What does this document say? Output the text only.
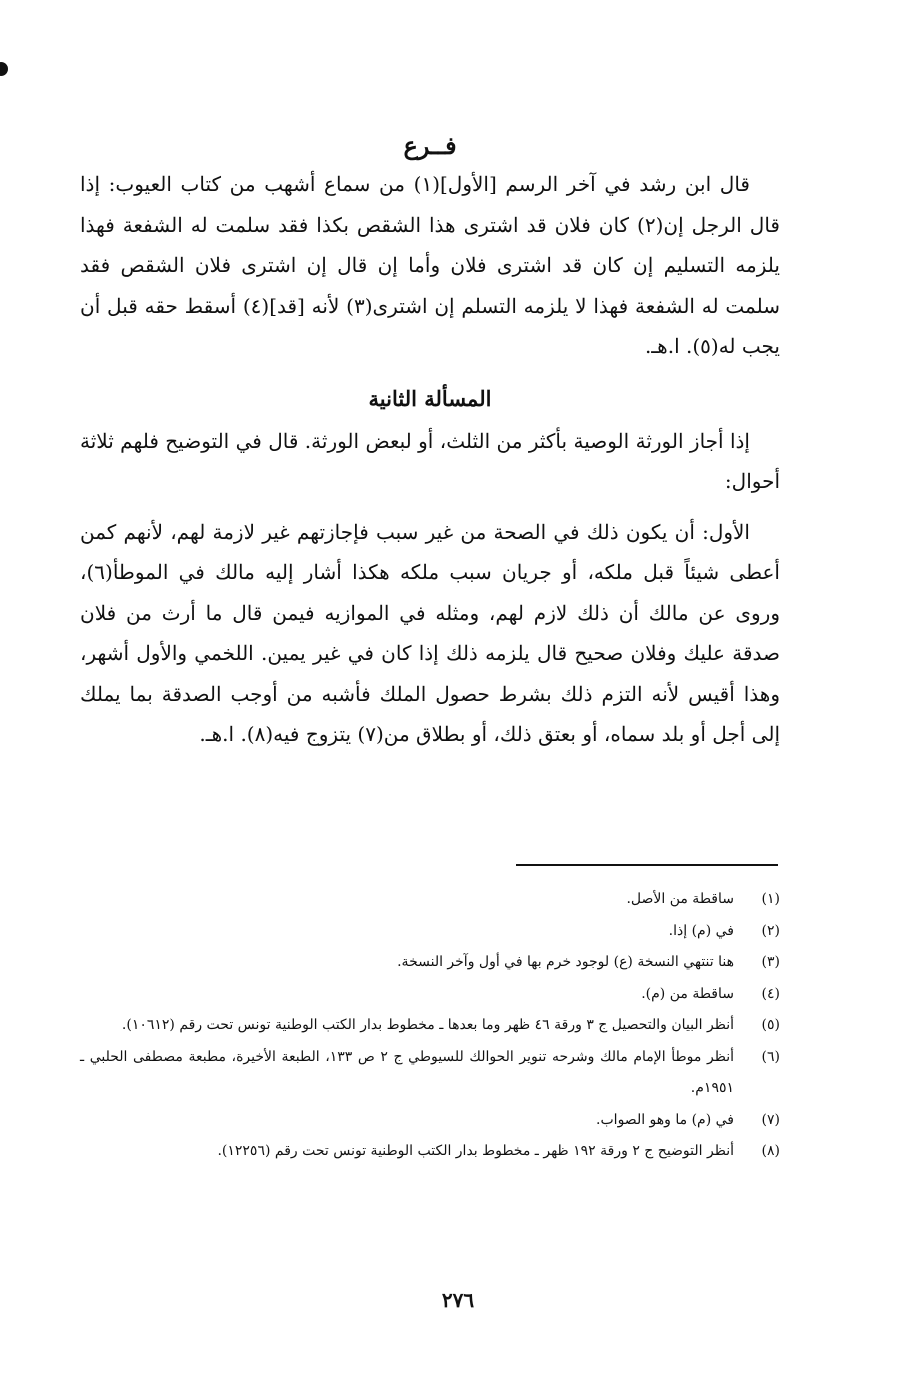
فــرع

قال ابن رشد في آخر الرسم [الأول](١) من سماع أشهب من كتاب العيوب: إذا قال الرجل إن(٢) كان فلان قد اشترى هذا الشقص بكذا فقد سلمت له الشفعة فهذا يلزمه التسليم إن كان قد اشترى فلان وأما إن قال إن اشترى فلان الشقص فقد سلمت له الشفعة فهذا لا يلزمه التسلم إن اشترى(٣) لأنه [قد](٤) أسقط حقه قبل أن يجب له(٥). ا.هـ.

المسألة الثانية

إذا أجاز الورثة الوصية بأكثر من الثلث، أو لبعض الورثة. قال في التوضيح فلهم ثلاثة أحوال:

الأول: أن يكون ذلك في الصحة من غير سبب فإجازتهم غير لازمة لهم، لأنهم كمن أعطى شيئاً قبل ملكه، أو جريان سبب ملكه هكذا أشار إليه مالك في الموطأ(٦)، وروى عن مالك أن ذلك لازم لهم، ومثله في الموازيه فيمن قال ما أرث من فلان صدقة عليك وفلان صحيح قال يلزمه ذلك إذا كان في غير يمين. اللخمي والأول أشهر، وهذا أقيس لأنه التزم ذلك بشرط حصول الملك فأشبه من أوجب الصدقة بما يملك إلى أجل أو بلد سماه، أو بعتق ذلك، أو بطلاق من(٧) يتزوج فيه(٨). ا.هـ.

(١)
ساقطة من الأصل.
(٢)
في (م) إذا.
(٣)
هنا تنتهي النسخة (ع) لوجود خرم بها في أول وآخر النسخة.
(٤)
ساقطة من (م).
(٥)
أنظر البيان والتحصيل ج ٣ ورقة ٤٦ ظهر وما بعدها ـ مخطوط بدار الكتب الوطنية تونس تحت رقم (١٠٦١٢).
(٦)
أنظر موطأ الإمام مالك وشرحه تنوير الحوالك للسيوطي ج ٢ ص ١٣٣، الطبعة الأخيرة، مطبعة مصطفى الحلبي ـ ١٩٥١م.
(٧)
في (م) ما وهو الصواب.
(٨)
أنظر التوضيح ج ٢ ورقة ١٩٢ ظهر ـ مخطوط بدار الكتب الوطنية تونس تحت رقم (١٢٢٥٦).
٢٧٦
